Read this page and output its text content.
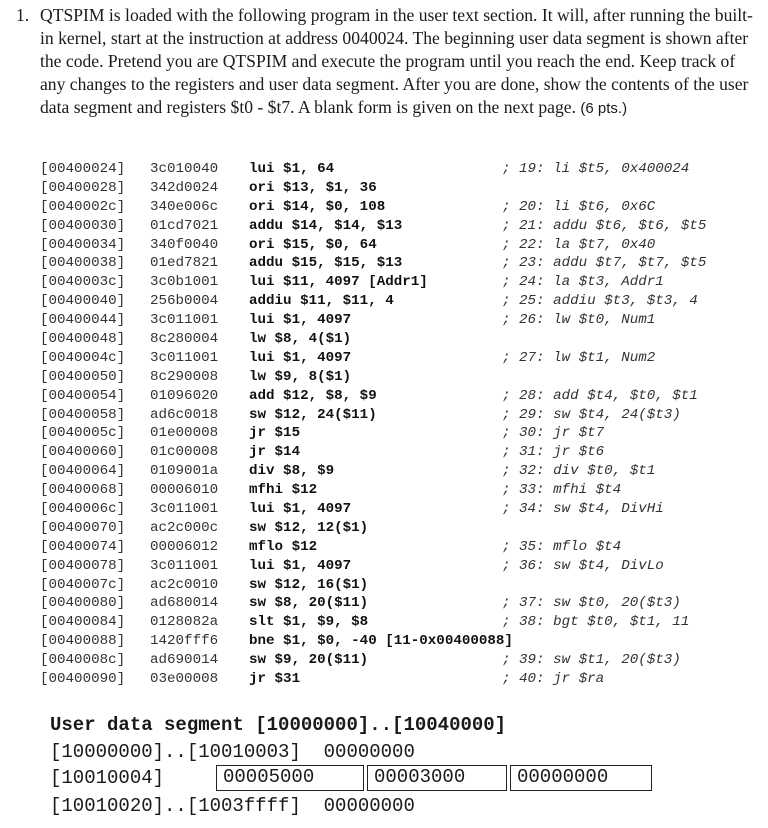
1. QTSPIM is loaded with the following program in the user text section. It will, after running the built-in kernel, start at the instruction at address 0040024. The beginning user data segment is shown after the code. Pretend you are QTSPIM and execute the program until you reach the end. Keep track of any changes to the registers and user data segment. After you are done, show the contents of the user data segment and registers $t0 - $t7. A blank form is given on the next page. (6 pts.)
[00400024] 3c010040 lui $1, 64	; 19: li $t5, 0x400024
[00400028] 342d0024 ori $13, $1, 36
[0040002c] 340e006c ori $14, $0, 108	; 20: li $t6, 0x6C
[00400030] 01cd7021 addu $14, $14, $13	; 21: addu $t6, $t6, $t5
[00400034] 340f0040 ori $15, $0, 64	; 22: la $t7, 0x40
[00400038] 01ed7821 addu $15, $15, $13	; 23: addu $t7, $t7, $t5
[0040003c] 3c0b1001 lui $11, 4097 [Addr1]	; 24: la $t3, Addr1
[00400040] 256b0004 addiu $11, $11, 4	; 25: addiu $t3, $t3, 4
[00400044] 3c011001 lui $1, 4097	; 26: lw $t0, Num1
[00400048] 8c280004 lw $8, 4($1)
[0040004c] 3c011001 lui $1, 4097	; 27: lw $t1, Num2
[00400050] 8c290008 lw $9, 8($1)
[00400054] 01096020 add $12, $8, $9	; 28: add $t4, $t0, $t1
[00400058] ad6c0018 sw $12, 24($11)	; 29: sw $t4, 24($t3)
[0040005c] 01e00008 jr $15	; 30: jr $t7
[00400060] 01c00008 jr $14	; 31: jr $t6
[00400064] 0109001a div $8, $9	; 32: div $t0, $t1
[00400068] 00006010 mfhi $12	; 33: mfhi $t4
[0040006c] 3c011001 lui $1, 4097	; 34: sw $t4, DivHi
[00400070] ac2c000c sw $12, 12($1)
[00400074] 00006012 mflo $12	; 35: mflo $t4
[00400078] 3c011001 lui $1, 4097	; 36: sw $t4, DivLo
[0040007c] ac2c0010 sw $12, 16($1)
[00400080] ad680014 sw $8, 20($11)	; 37: sw $t0, 20($t3)
[00400084] 0128082a slt $1, $9, $8	; 38: bgt $t0, $t1, 11
[00400088] 1420fff6 bne $1, $0, -40 [11-0x00400088]
[0040008c] ad690014 sw $9, 20($11)	; 39: sw $t1, 20($t3)
[00400090] 03e00008 jr $31	; 40: jr $ra
User data segment [10000000]..[10040000]
[10000000]..[10010003]  00000000
[10010004]	00005000	00003000	00000000
[10010020]..[1003ffff]  00000000
